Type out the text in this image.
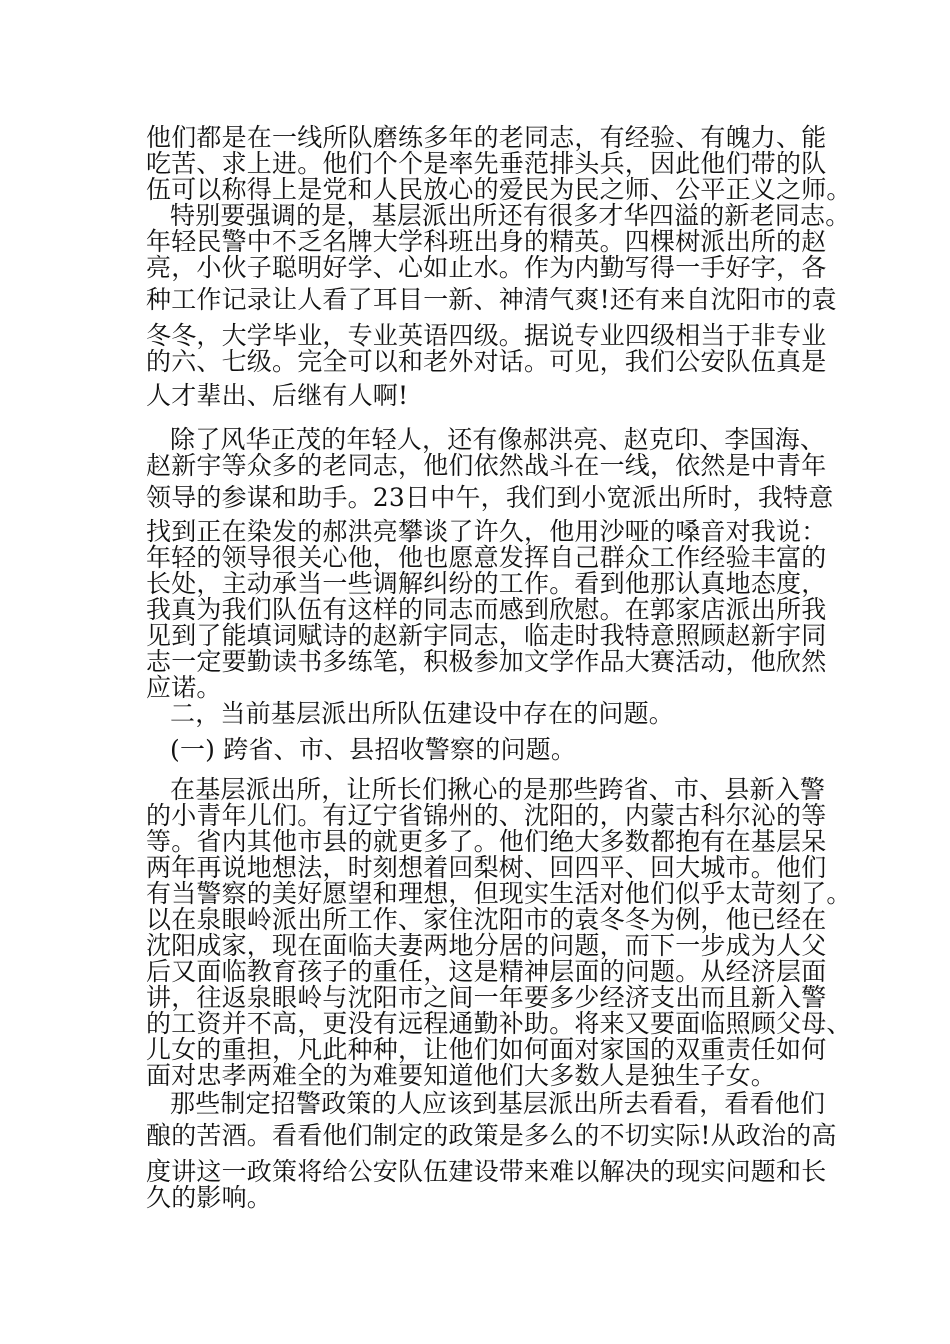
他们都是在一线所队磨练多年的老同志，有经验、有魄力、能
吃苦、求上进。他们个个是率先垂范排头兵，因此他们带的队
伍可以称得上是党和人民放心的爱民为民之师、公平正义之师。
特别要强调的是，基层派出所还有很多才华四溢的新老同志。
年轻民警中不乏名牌大学科班出身的精英。四棵树派出所的赵
亮，小伙子聪明好学、心如止水。作为内勤写得一手好字，各
种工作记录让人看了耳目一新、神清气爽!还有来自沈阳市的袁
冬冬，大学毕业，专业英语四级。据说专业四级相当于非专业
的六、七级。完全可以和老外对话。可见，我们公安队伍真是
人才辈出、后继有人啊!
除了风华正茂的年轻人，还有像郝洪亮、赵克印、李国海、
赵新宇等众多的老同志，他们依然战斗在一线，依然是中青年
领导的参谋和助手。23日中午，我们到小宽派出所时，我特意
找到正在染发的郝洪亮攀谈了许久，他用沙哑的嗓音对我说：
年轻的领导很关心他，他也愿意发挥自己群众工作经验丰富的
长处，主动承当一些调解纠纷的工作。看到他那认真地态度，
我真为我们队伍有这样的同志而感到欣慰。在郭家店派出所我
见到了能填词赋诗的赵新宇同志，临走时我特意照顾赵新宇同
志一定要勤读书多练笔，积极参加文学作品大赛活动，他欣然
应诺。
二，当前基层派出所队伍建设中存在的问题。
(一) 跨省、市、县招收警察的问题。
在基层派出所，让所长们揪心的是那些跨省、市、县新入警
的小青年儿们。有辽宁省锦州的、沈阳的，内蒙古科尔沁的等
等。省内其他市县的就更多了。他们绝大多数都抱有在基层呆
两年再说地想法，时刻想着回梨树、回四平、回大城市。他们
有当警察的美好愿望和理想，但现实生活对他们似乎太苛刻了。
以在泉眼岭派出所工作、家住沈阳市的袁冬冬为例，他已经在
沈阳成家，现在面临夫妻两地分居的问题，而下一步成为人父
后又面临教育孩子的重任，这是精神层面的问题。从经济层面
讲，往返泉眼岭与沈阳市之间一年要多少经济支出而且新入警
的工资并不高，更没有远程通勤补助。将来又要面临照顾父母、
儿女的重担，凡此种种，让他们如何面对家国的双重责任如何
面对忠孝两难全的为难要知道他们大多数人是独生子女。
那些制定招警政策的人应该到基层派出所去看看，看看他们
酿的苦酒。看看他们制定的政策是多么的不切实际!从政治的高
度讲这一政策将给公安队伍建设带来难以解决的现实问题和长
久的影响。
